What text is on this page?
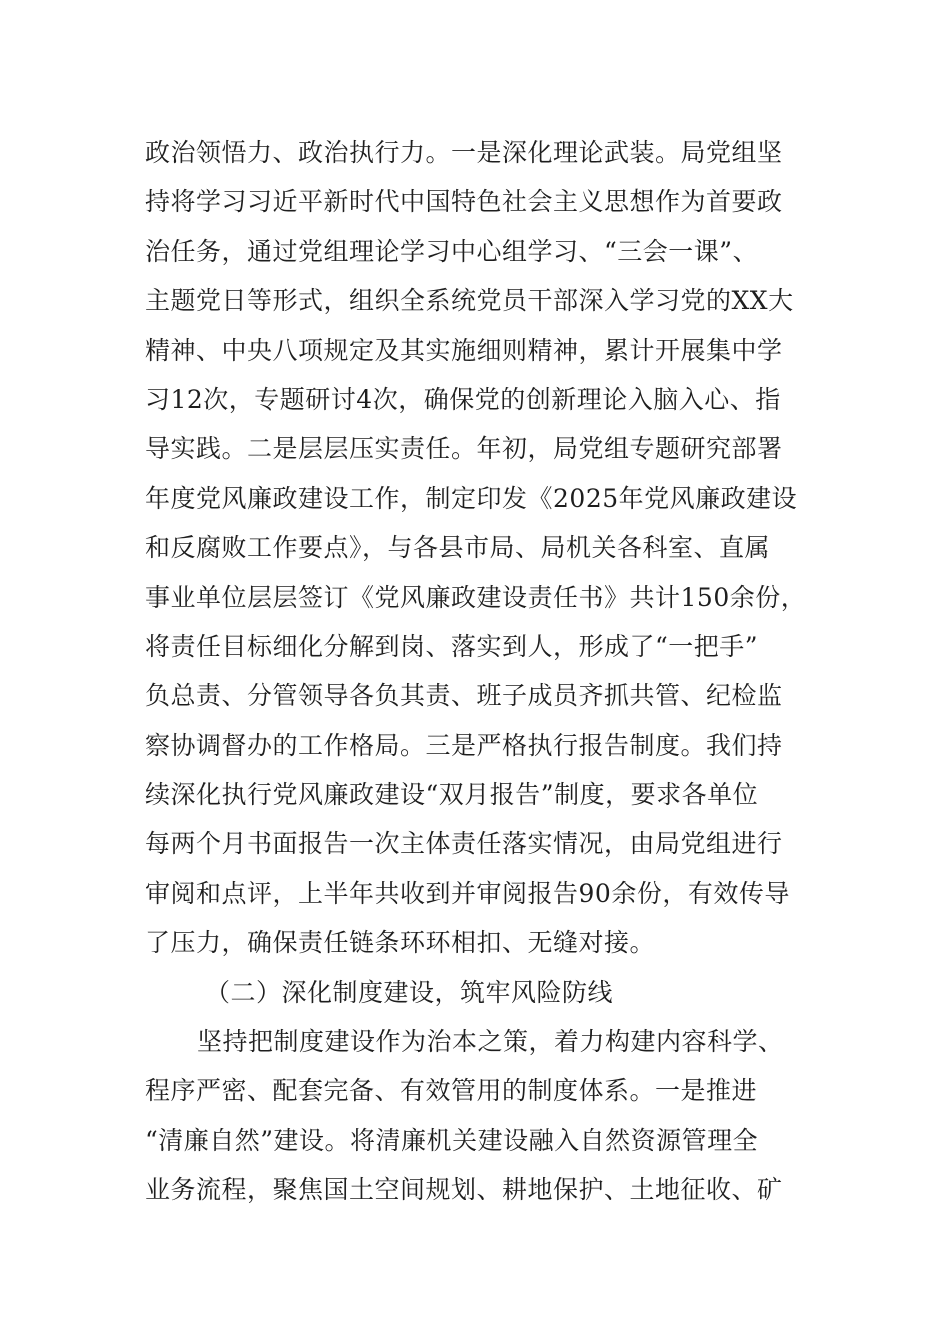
政治领悟力、政治执行力。一是深化理论武装。局党组坚
持将学习习近平新时代中国特色社会主义思想作为首要政
治任务，通过党组理论学习中心组学习、“三会一课”、
主题党日等形式，组织全系统党员干部深入学习党的XX大
精神、中央八项规定及其实施细则精神，累计开展集中学
习12次，专题研讨4次，确保党的创新理论入脑入心、指
导实践。二是层层压实责任。年初，局党组专题研究部署
年度党风廉政建设工作，制定印发《2025年党风廉政建设
和反腐败工作要点》，与各县市局、局机关各科室、直属
事业单位层层签订《党风廉政建设责任书》共计150余份，
将责任目标细化分解到岗、落实到人，形成了“一把手”
负总责、分管领导各负其责、班子成员齐抓共管、纪检监
察协调督办的工作格局。三是严格执行报告制度。我们持
续深化执行党风廉政建设“双月报告”制度，要求各单位
每两个月书面报告一次主体责任落实情况，由局党组进行
审阅和点评，上半年共收到并审阅报告90余份，有效传导
了压力，确保责任链条环环相扣、无缝对接。
（二）深化制度建设，筑牢风险防线
坚持把制度建设作为治本之策，着力构建内容科学、
程序严密、配套完备、有效管用的制度体系。一是推进
“清廉自然”建设。将清廉机关建设融入自然资源管理全
业务流程，聚焦国土空间规划、耕地保护、土地征收、矿
